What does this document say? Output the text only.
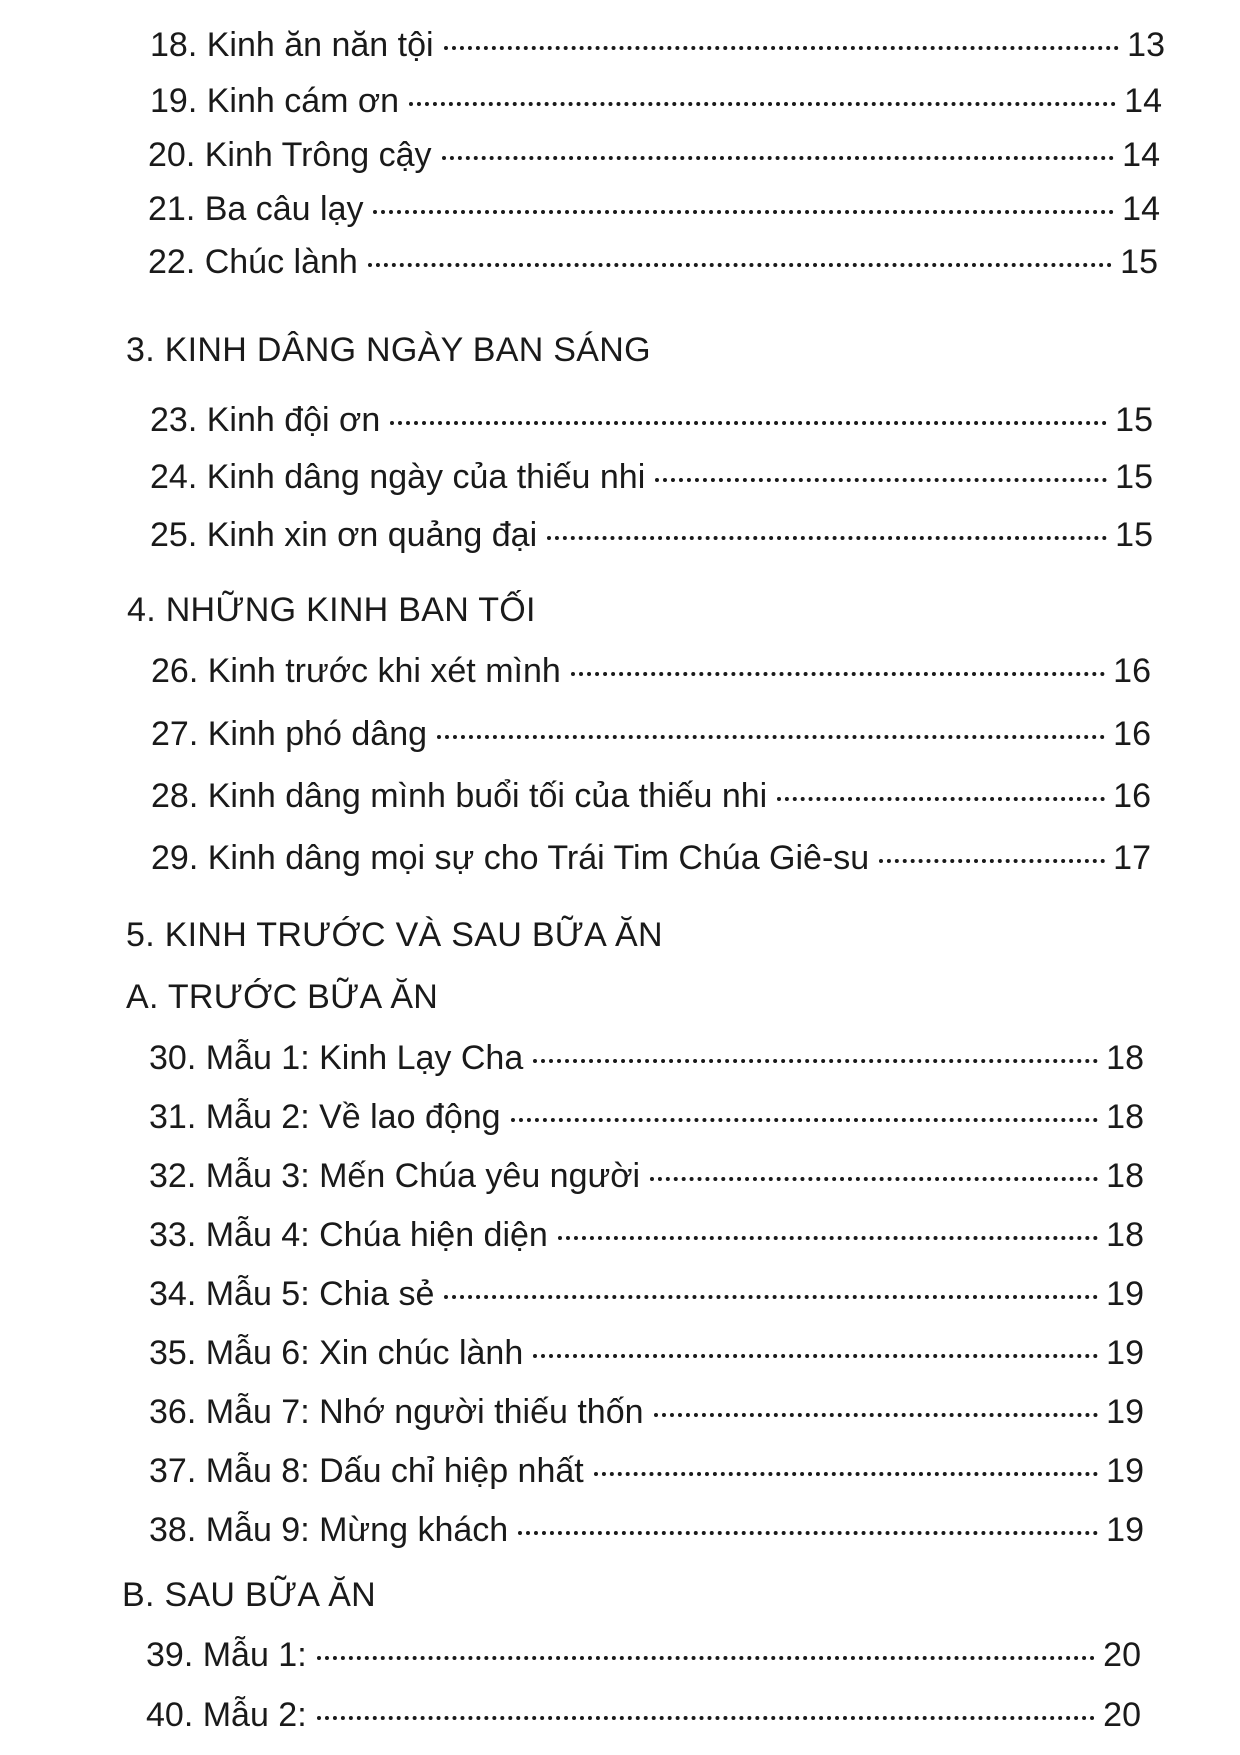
18. Kinh ăn năn tội	13
19. Kinh cám ơn	14
20. Kinh Trông cậy	14
21. Ba câu lạy	14
22. Chúc lành	15
3. KINH DÂNG NGÀY BAN SÁNG
23. Kinh đội ơn	15
24. Kinh dâng ngày của thiếu nhi	15
25. Kinh xin ơn quảng đại	15
4. NHỮNG KINH BAN TỐI
26. Kinh trước khi xét mình	16
27. Kinh phó dâng	16
28. Kinh dâng mình buổi tối của thiếu nhi	16
29. Kinh dâng mọi sự cho Trái Tim Chúa Giê-su	17
5. KINH TRƯỚC VÀ SAU BỮA ĂN
A. TRƯỚC BỮA ĂN
30. Mẫu 1: Kinh Lạy Cha	18
31. Mẫu 2: Về lao động	18
32. Mẫu 3: Mến Chúa yêu người	18
33. Mẫu 4: Chúa hiện diện	18
34. Mẫu 5: Chia sẻ	19
35. Mẫu 6: Xin chúc lành	19
36. Mẫu 7: Nhớ người thiếu thốn	19
37. Mẫu 8: Dấu chỉ hiệp nhất	19
38. Mẫu 9: Mừng khách	19
B. SAU BỮA ĂN
39. Mẫu 1:	20
40. Mẫu 2:	20
